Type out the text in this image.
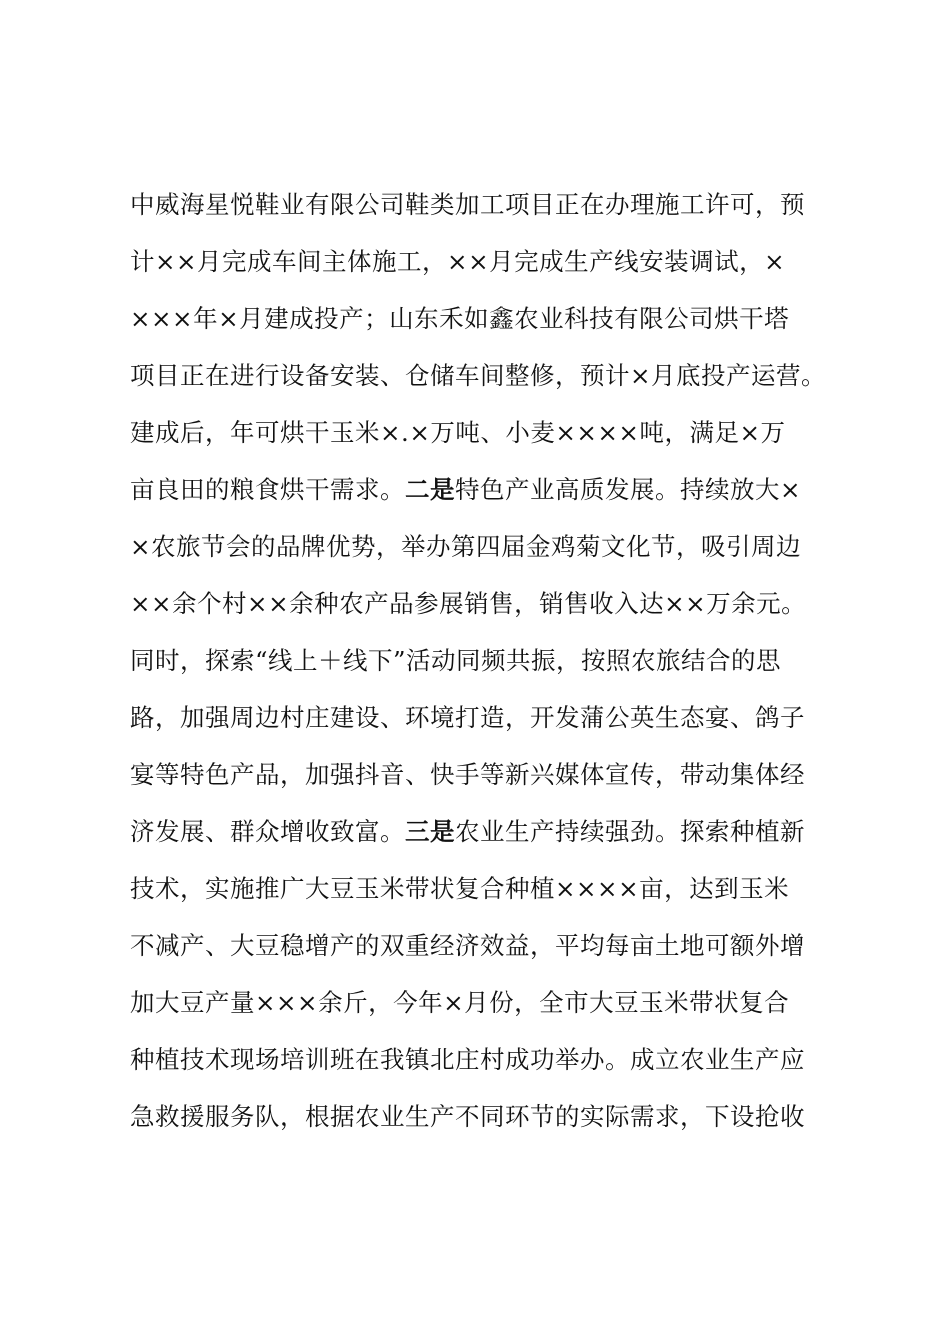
中威海星悦鞋业有限公司鞋类加工项目正在办理施工许可，预
计××月完成车间主体施工，××月完成生产线安装调试，×
×××年×月建成投产；山东禾如鑫农业科技有限公司烘干塔
项目正在进行设备安装、仓储车间整修，预计×月底投产运营。
建成后，年可烘干玉米×.×万吨、小麦××××吨，满足×万
亩良田的粮食烘干需求。二是特色产业高质发展。持续放大×
×农旅节会的品牌优势，举办第四届金鸡菊文化节，吸引周边
××余个村××余种农产品参展销售，销售收入达××万余元。
同时，探索“线上＋线下”活动同频共振，按照农旅结合的思
路，加强周边村庄建设、环境打造，开发蒲公英生态宴、鸽子
宴等特色产品，加强抖音、快手等新兴媒体宣传，带动集体经
济发展、群众增收致富。三是农业生产持续强劲。探索种植新
技术，实施推广大豆玉米带状复合种植××××亩，达到玉米
不减产、大豆稳增产的双重经济效益，平均每亩土地可额外增
加大豆产量×××余斤，今年×月份，全市大豆玉米带状复合
种植技术现场培训班在我镇北庄村成功举办。成立农业生产应
急救援服务队，根据农业生产不同环节的实际需求，下设抢收
